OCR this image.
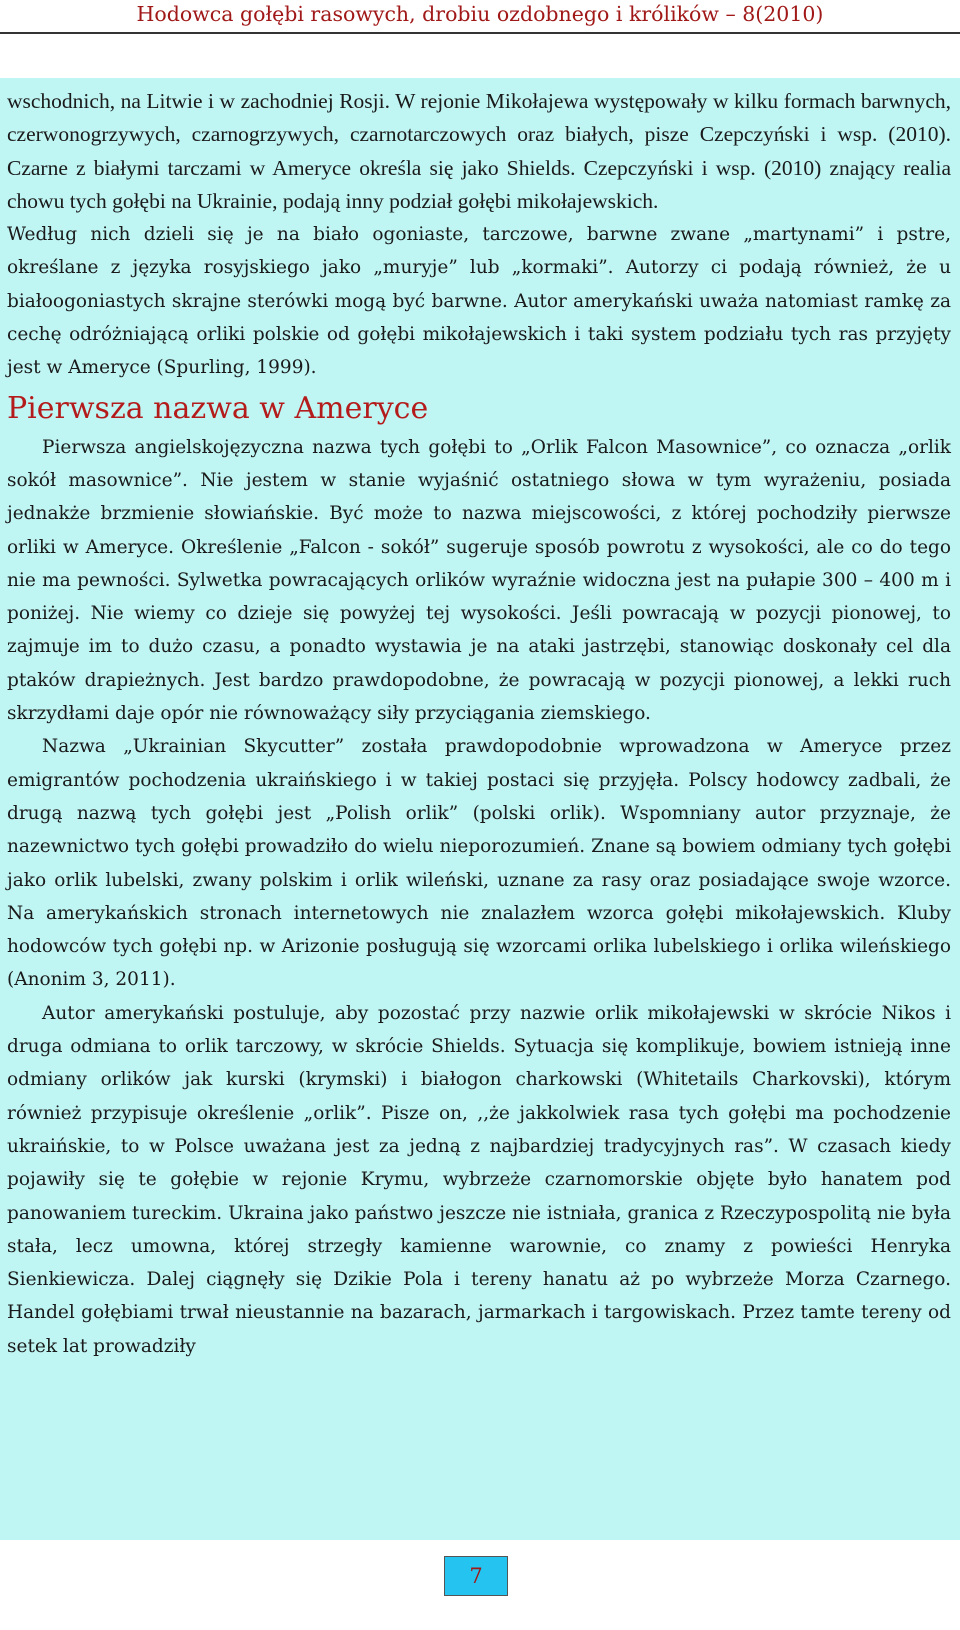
Hodowca gołębi rasowych, drobiu ozdobnego i królików – 8(2010)

wschodnich, na Litwie i w zachodniej Rosji. W rejonie Mikołajewa występowały w kilku formach barwnych, czerwonogrzywych, czarnogrzywych, czarnotarczowych oraz białych, pisze Czepczyński i wsp. (2010). Czarne z białymi tarczami w Ameryce określa się jako Shields. Czepczyński i wsp. (2010) znający realia chowu tych gołębi na Ukrainie, podają inny podział gołębi mikołajewskich.

Według nich dzieli się je na biało ogoniaste, tarczowe, barwne zwane „martynami” i pstre, określane z języka rosyjskiego jako „muryje” lub „kormaki”. Autorzy ci podają również, że u białoogoniastych skrajne sterówki mogą być barwne. Autor amerykański uważa natomiast ramkę za cechę odróżniającą orliki polskie od gołębi mikołajewskich i taki system podziału tych ras przyjęty jest w Ameryce (Spurling, 1999).

Pierwsza nazwa w Ameryce

Pierwsza angielskojęzyczna nazwa tych gołębi to „Orlik Falcon Masownice”, co oznacza „orlik sokół masownice”. Nie jestem w stanie wyjaśnić ostatniego słowa w tym wyrażeniu, posiada jednakże brzmienie słowiańskie. Być może to nazwa miejscowości, z której pochodziły pierwsze orliki w Ameryce. Określenie „Falcon - sokół” sugeruje sposób powrotu z wysokości, ale co do tego nie ma pewności. Sylwetka powracających orlików wyraźnie widoczna jest na pułapie 300 – 400 m i poniżej. Nie wiemy co dzieje się powyżej tej wysokości. Jeśli powracają w pozycji pionowej, to zajmuje im to dużo czasu, a ponadto wystawia je na ataki jastrzębi, stanowiąc doskonały cel dla ptaków drapieżnych. Jest bardzo prawdopodobne, że powracają w pozycji pionowej, a lekki ruch skrzydłami daje opór nie równoważący siły przyciągania ziemskiego.

Nazwa „Ukrainian Skycutter” została prawdopodobnie wprowadzona w Ameryce przez emigrantów pochodzenia ukraińskiego i w takiej postaci się przyjęła. Polscy hodowcy zadbali, że drugą nazwą tych gołębi jest „Polish orlik” (polski orlik). Wspomniany autor przyznaje, że nazewnictwo tych gołębi prowadziło do wielu nieporozumień. Znane są bowiem odmiany tych gołębi jako orlik lubelski, zwany polskim i orlik wileński, uznane za rasy oraz posiadające swoje wzorce. Na amerykańskich stronach internetowych nie znalazłem wzorca gołębi mikołajewskich. Kluby hodowców tych gołębi np. w Arizonie posługują się wzorcami orlika lubelskiego i orlika wileńskiego (Anonim 3, 2011).

Autor amerykański postuluje, aby pozostać przy nazwie orlik mikołajewski w skrócie Nikos i druga odmiana to orlik tarczowy, w skrócie Shields. Sytuacja się komplikuje, bowiem istnieją inne odmiany orlików jak kurski (krymski) i białogon charkowski (Whitetails Charkovski), którym również przypisuje określenie „orlik”. Pisze on, ,,że jakkolwiek rasa tych gołębi ma pochodzenie ukraińskie, to w Polsce uważana jest za jedną z najbardziej tradycyjnych ras”. W czasach kiedy pojawiły się te gołębie w rejonie Krymu, wybrzeże czarnomorskie objęte było hanatem pod panowaniem tureckim. Ukraina jako państwo jeszcze nie istniała, granica z Rzeczypospolitą nie była stała, lecz umowna, której strzegły kamienne warownie, co znamy z powieści Henryka Sienkiewicza. Dalej ciągnęły się Dzikie Pola i tereny hanatu aż po wybrzeże Morza Czarnego. Handel gołębiami trwał nieustannie na bazarach, jarmarkach i targowiskach. Przez tamte tereny od setek lat prowadziły

7
